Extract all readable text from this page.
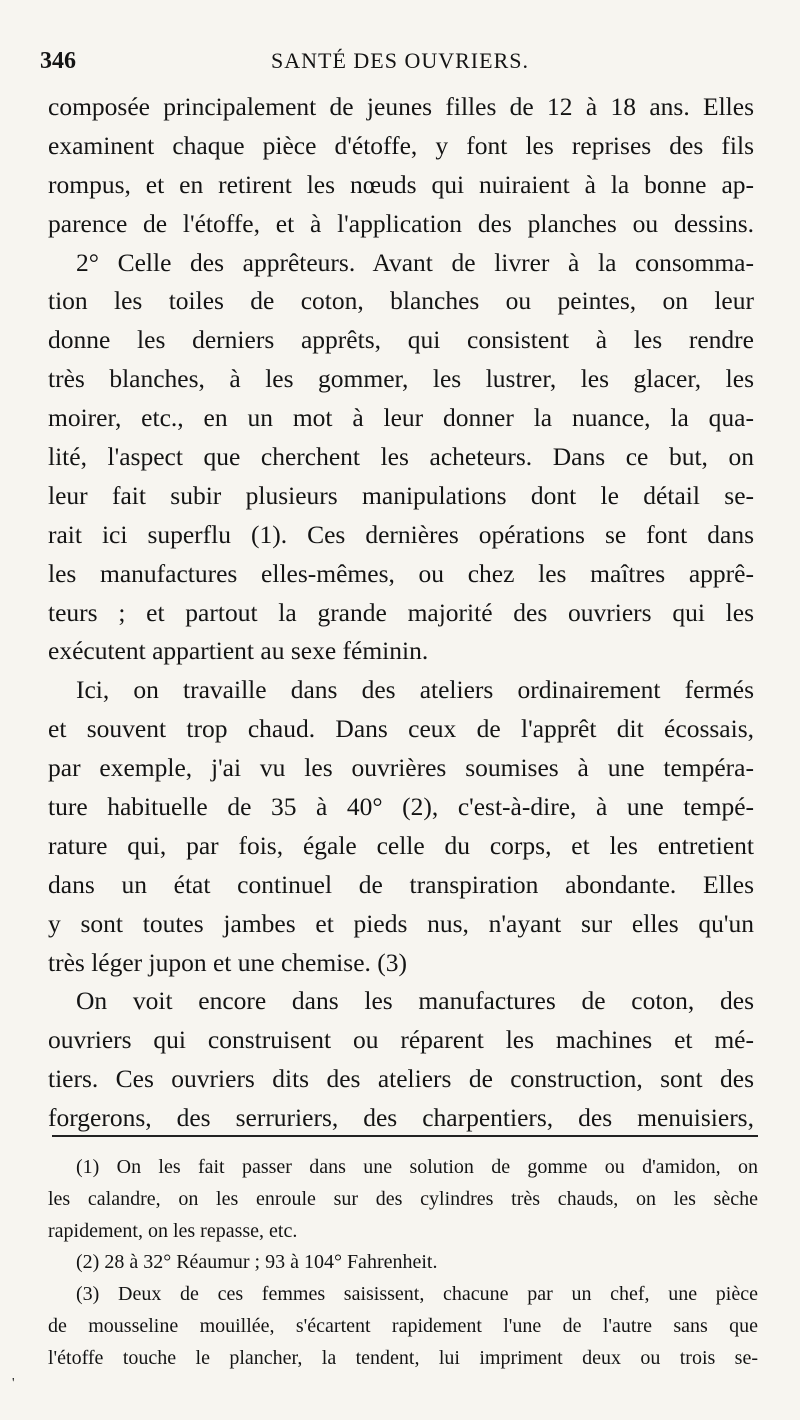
346	SANTÉ DES OUVRIERS.
composée principalement de jeunes filles de 12 à 18 ans. Elles
examinent chaque pièce d'étoffe, y font les reprises des fils
rompus, et en retirent les nœuds qui nuiraient à la bonne ap-
parence de l'étoffe, et à l'application des planches ou dessins.
2° Celle des apprêteurs. Avant de livrer à la consomma-
tion les toiles de coton, blanches ou peintes, on leur
donne les derniers apprêts, qui consistent à les rendre
très blanches, à les gommer, les lustrer, les glacer, les
moirer, etc., en un mot à leur donner la nuance, la qua-
lité, l'aspect que cherchent les acheteurs. Dans ce but, on
leur fait subir plusieurs manipulations dont le détail se-
rait ici superflu (1). Ces dernières opérations se font dans
les manufactures elles-mêmes, ou chez les maîtres apprê-
teurs ; et partout la grande majorité des ouvriers qui les
exécutent appartient au sexe féminin.
Ici, on travaille dans des ateliers ordinairement fermés
et souvent trop chaud. Dans ceux de l'apprêt dit écossais,
par exemple, j'ai vu les ouvrières soumises à une tempéra-
ture habituelle de 35 à 40° (2), c'est-à-dire, à une tempé-
rature qui, par fois, égale celle du corps, et les entretient
dans un état continuel de transpiration abondante. Elles
y sont toutes jambes et pieds nus, n'ayant sur elles qu'un
très léger jupon et une chemise. (3)
On voit encore dans les manufactures de coton, des
ouvriers qui construisent ou réparent les machines et mé-
tiers. Ces ouvriers dits des ateliers de construction, sont des
forgerons, des serruriers, des charpentiers, des menuisiers,
(1) On les fait passer dans une solution de gomme ou d'amidon, on
les calandre, on les enroule sur des cylindres très chauds, on les sèche
rapidement, on les repasse, etc.
(2) 28 à 32° Réaumur ; 93 à 104° Fahrenheit.
(3) Deux de ces femmes saisissent, chacune par un chef, une pièce
de mousseline mouillée, s'écartent rapidement l'une de l'autre sans que
l'étoffe touche le plancher, la tendent, lui impriment deux ou trois se-
'
